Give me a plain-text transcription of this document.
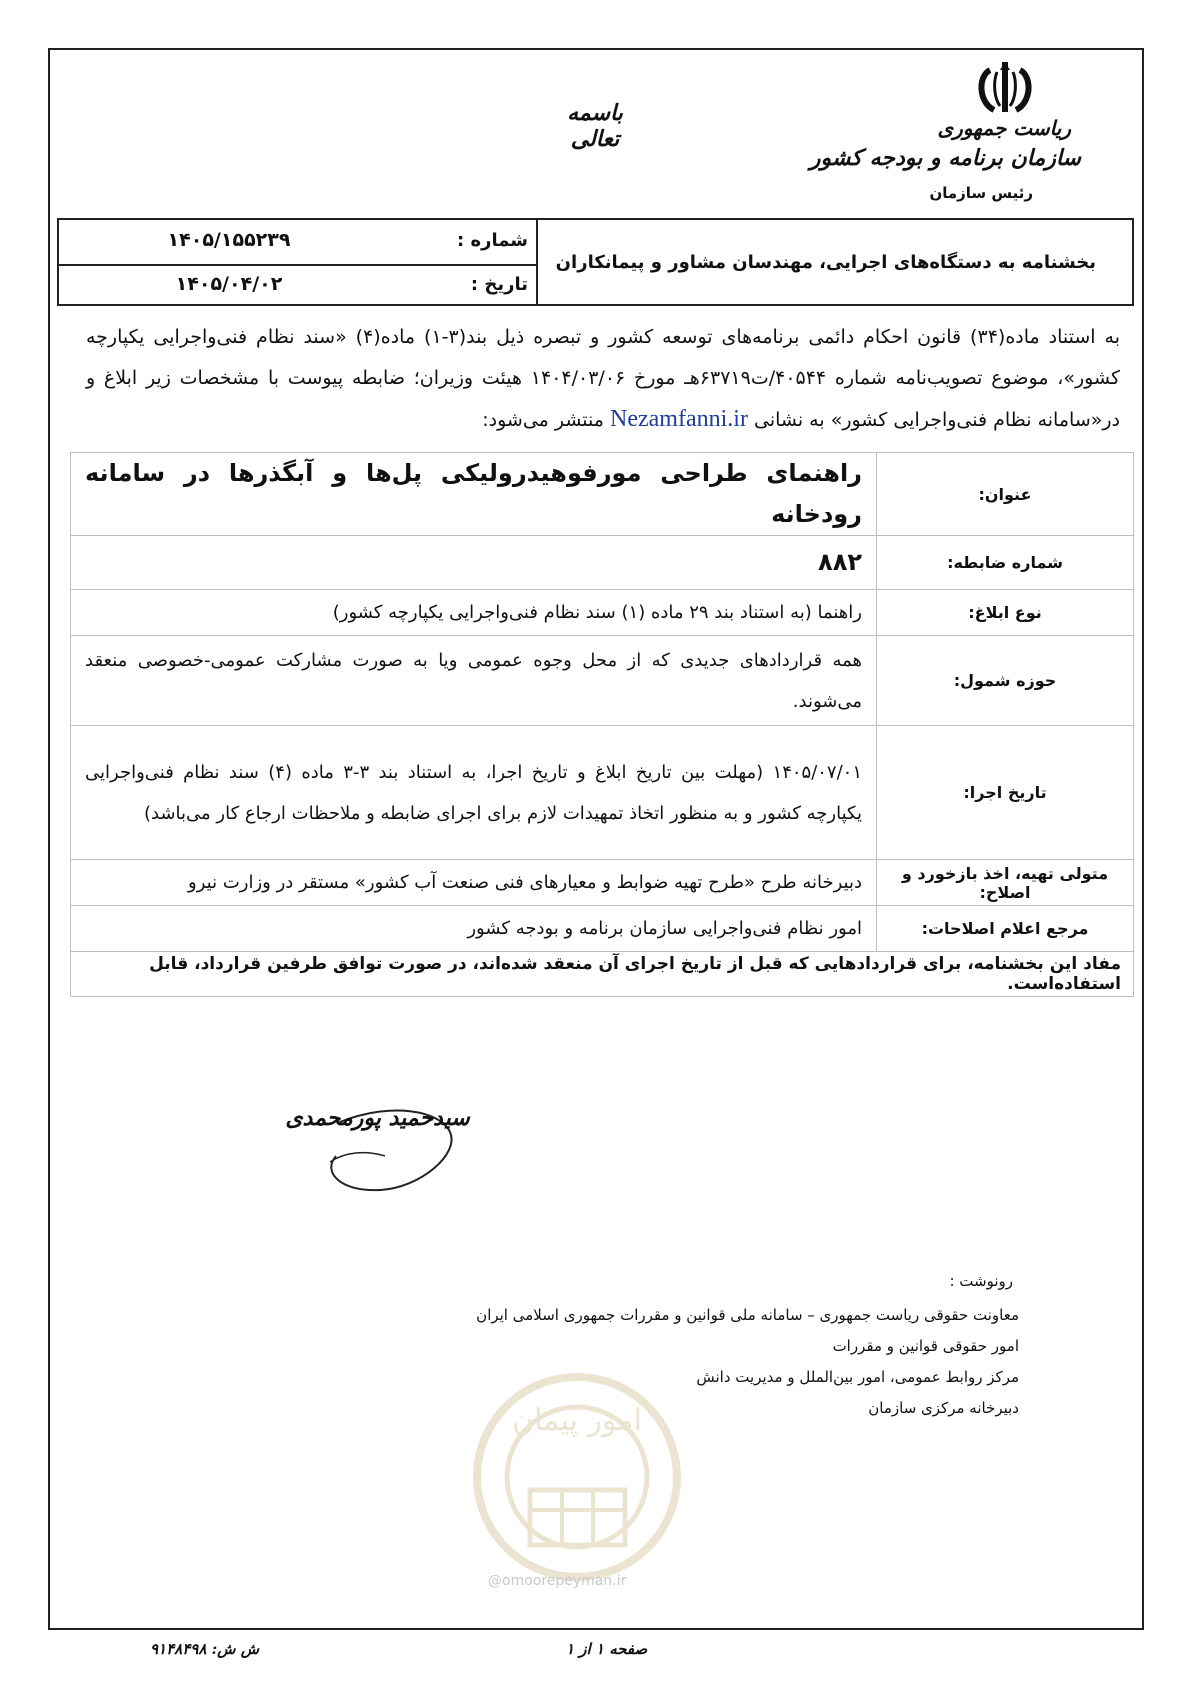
ریاست جمهوری
سازمان برنامه و بودجه کشور
رئیس سازمان
باسمه تعالی
بخشنامه به دستگاه‌های اجرایی، مهندسان مشاور و پیمانکاران
شماره :
۱۴۰۵/۱۵۵۲۳۹
تاریخ :
۱۴۰۵/۰۴/۰۲
به استناد ماده(۳۴) قانون احکام دائمی برنامه‌های توسعه کشور و تبصره ذیل بند(۳-۱) ماده(۴) «سند نظام فنی‌واجرایی یکپارچه کشور»، موضوع تصویب‌نامه شماره ۴۰۵۴۴/ت۶۳۷۱۹هـ مورخ ۱۴۰۴/۰۳/۰۶ هیئت وزیران؛ ضابطه پیوست با مشخصات زیر ابلاغ و در«سامانه نظام فنی‌واجرایی کشور» به نشانی Nezamfanni.ir منتشر می‌شود:
عنوان:	راهنمای طراحی مورفوهیدرولیکی پل‌ها و آبگذرها در سامانه رودخانه
شماره ضابطه:	۸۸۲
نوع ابلاغ:	راهنما (به استناد بند ۲۹ ماده (۱) سند نظام فنی‌واجرایی یکپارچه کشور)
حوزه شمول:	همه قراردادهای جدیدی که از محل وجوه عمومی ویا به صورت مشارکت عمومی-خصوصی منعقد می‌شوند.
تاریخ اجرا:	۱۴۰۵/۰۷/۰۱ (مهلت بین تاریخ ابلاغ و تاریخ اجرا، به استناد بند ۳-۳ ماده (۴) سند نظام فنی‌واجرایی یکپارچه کشور و به منظور اتخاذ تمهیدات لازم برای اجرای ضابطه و ملاحظات ارجاع کار می‌باشد)
متولی تهیه، اخذ بازخورد و اصلاح:	دبیرخانه طرح «طرح تهیه ضوابط و معیارهای فنی صنعت آب کشور» مستقر در وزارت نیرو
مرجع اعلام اصلاحات:	امور نظام فنی‌واجرایی سازمان برنامه و بودجه کشور
مفاد این بخشنامه، برای قراردادهایی که قبل از تاریخ اجرای آن منعقد شده‌اند، در صورت توافق طرفین قرارداد، قابل استفاده‌است.	
سیدحمید پورمحمدی
امور پیمان
@omoorepeyman.ir
رونوشت :
معاونت حقوقی ریاست جمهوری – سامانه ملی قوانین و مقررات جمهوری اسلامی ایران
امور حقوقی قوانین و مقررات
مرکز روابط عمومی، امور بین‌الملل و مدیریت دانش
دبیرخانه مرکزی سازمان
صفحه ۱ از ۱
ش ش: ۹۱۴۸۴۹۸
